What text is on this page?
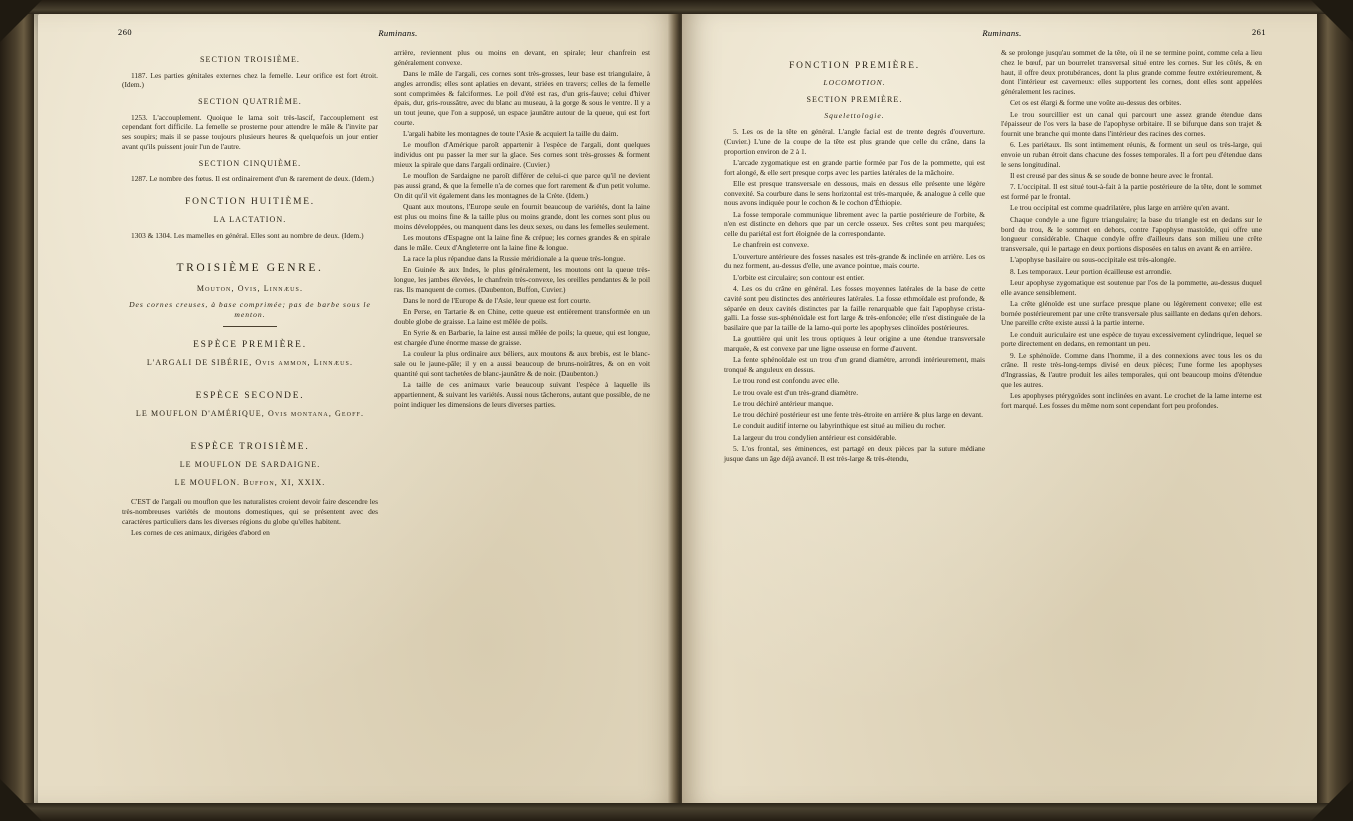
260	Ruminans.
SECTION TROISIÈME.

1187. Les parties génitales externes chez la femelle. Leur orifice est fort étroit. (Idem.)

SECTION QUATRIÈME.

1253. L'accouplement. Quoique le lama soit très-lascif, l'accouplement est cependant fort difficile. La femelle se prosterne pour attendre le mâle & l'invite par ses soupirs; mais il se passe toujours plusieurs heures & quelquefois un jour entier avant qu'ils puissent jouir l'un de l'autre.

SECTION CINQUIÈME.

1287. Le nombre des fœtus. Il est ordinairement d'un & rarement de deux. (Idem.)

FONCTION HUITIÈME.
LA LACTATION.

1303 & 1304. Les mamelles en général. Elles sont au nombre de deux. (Idem.)

TROISIÈME GENRE.
Mouton, Ovis, Linnæus.
Des cornes creuses, à base comprimée; pas de barbe sous le menton.
ESPÈCE PREMIÈRE.
L'ARGALI DE SIBÉRIE, Ovis ammon, Linnæus.
ESPÈCE SECONDE.
LE MOUFLON D'AMÉRIQUE, Ovis montana, Geoff.
ESPÈCE TROISIÈME.
LE MOUFLON DE SARDAIGNE.
LE MOUFLON. Buffon, XI, XXIX.

C'EST de l'argali ou mouflon que les naturalistes croient devoir faire descendre les très-nombreuses variétés de moutons domestiques, qui se présentent avec des caractères particuliers dans les diverses régions du globe qu'elles habitent.

Les cornes de ces animaux, dirigées d'abord en

arrière, reviennent plus ou moins en devant, en spirale; leur chanfrein est généralement convexe.

Dans le mâle de l'argali, ces cornes sont très-grosses, leur base est triangulaire, à angles arrondis; elles sont aplaties en devant, striées en travers; celles de la femelle sont comprimées & falciformes. Le poil d'été est ras, d'un gris-fauve; celui d'hiver épais, dur, gris-roussâtre, avec du blanc au museau, à la gorge & sous le ventre. Il y a un tout jeune, que l'on a supposé, un espace jaunâtre autour de la queue, qui est fort courte.

L'argali habite les montagnes de toute l'Asie & acquiert la taille du daim.

Le mouflon d'Amérique paroît appartenir à l'espèce de l'argali, dont quelques individus ont pu passer la mer sur la glace. Ses cornes sont très-grosses & forment mieux la spirale que dans l'argali ordinaire. (Cuvier.)

Le mouflon de Sardaigne ne paroît différer de celui-ci que parce qu'il ne devient pas aussi grand, & que la femelle n'a de cornes que fort rarement & d'un petit volume. On dit qu'il vit également dans les montagnes de la Crète. (Idem.)

Quant aux moutons, l'Europe seule en fournit beaucoup de variétés, dont la laine est plus ou moins fine & la taille plus ou moins grande, dont les cornes sont plus ou moins développées, ou manquent dans les deux sexes, ou dans les femelles seulement.

Les moutons d'Espagne ont la laine fine & crépue; les cornes grandes & en spirale dans le mâle. Ceux d'Angleterre ont la laine fine & longue.

La race la plus répandue dans la Russie méridionale a la queue très-longue.

En Guinée & aux Indes, le plus généralement, les moutons ont la queue très-longue, les jambes élevées, le chanfrein très-convexe, les oreilles pendantes & le poil ras. Ils manquent de cornes. (Daubenton, Buffon, Cuvier.)

Dans le nord de l'Europe & de l'Asie, leur queue est fort courte.

En Perse, en Tartarie & en Chine, cette queue est entièrement transformée en un double globe de graisse. La laine est mêlée de poils.

En Syrie & en Barbarie, la laine est aussi mêlée de poils; la queue, qui est longue, est chargée d'une énorme masse de graisse.

La couleur la plus ordinaire aux béliers, aux moutons & aux brebis, est le blanc-sale ou le jaune-pâle; il y en a aussi beaucoup de bruns-noirâtres, & on en voit quantité qui sont tachetées de blanc-jaunâtre & de noir. (Daubenton.)

La taille de ces animaux varie beaucoup suivant l'espèce à laquelle ils appartiennent, & suivant les variétés. Aussi nous tâcherons, autant que possible, de ne point indiquer les dimensions de leurs diverses parties.

261
Ruminans.
FONCTION PREMIÈRE.
LOCOMOTION.
SECTION PREMIÈRE.
Squelettologie.

5. Les os de la tête en général. L'angle facial est de trente degrés d'ouverture. (Cuvier.) L'une de la coupe de la tête est plus grande que celle du crâne, dans la proportion environ de 2 à 1.

L'arcade zygomatique est en grande partie formée par l'os de la pommette, qui est fort alongé, & elle sert presque corps avec les parties latérales de la mâchoire.

Elle est presque transversale en dessous, mais en dessus elle présente une légère convexité. Sa courbure dans le sens horizontal est très-marquée, & analogue à celle que nous avons indiquée pour le cochon & le cochon d'Éthiopie.

La fosse temporale communique librement avec la partie postérieure de l'orbite, & n'en est distincte en dehors que par un cercle osseux. Ses crêtes sont peu marquées; celle du pariétal est fort éloignée de la correspondante.

Le chanfrein est convexe.

L'ouverture antérieure des fosses nasales est très-grande & inclinée en arrière. Les os du nez forment, au-dessus d'elle, une avance pointue, mais courte.

L'orbite est circulaire; son contour est entier.

4. Les os du crâne en général. Les fosses moyennes latérales de la base de cette cavité sont peu distinctes des antérieures latérales. La fosse ethmoïdale est profonde, & séparée en deux cavités distinctes par la faille renarquable que fait l'apophyse crista-galli. La fosse sus-sphénoïdale est fort large & très-enfoncée; elle n'est distinguée de la basilaire que par la taille de la lamo-qui porte les apophyses clinoïdes postérieures.

La gouttière qui unit les trous optiques à leur origine a une étendue transversale marquée, & est convexe par une ligne osseuse en forme d'auvent.

La fente sphénoïdale est un trou d'un grand diamètre, arrondi intérieurement, mais tronqué & anguleux en dessus.

Le trou rond est confondu avec elle.

Le trou ovale est d'un très-grand diamètre.

Le trou déchiré antérieur manque.

Le trou déchiré postérieur est une fente très-étroite en arrière & plus large en devant.

Le conduit auditif interne ou labyrinthique est situé au milieu du rocher.

La largeur du trou condylien antérieur est considérable.

5. L'os frontal, ses éminences, est partagé en deux pièces par la suture médiane jusque dans un âge déjà avancé. Il est très-large & très-étendu,

& se prolonge jusqu'au sommet de la tête, où il ne se termine point, comme cela a lieu chez le bœuf, par un bourrelet transversal situé entre les cornes. Sur les côtés, & en haut, il offre deux protubérances, dont la plus grande comme feutre extérieurement, & dont l'intérieur est caverneux: elles supportent les cornes, dont elles sont appelées généralement les racines.

Cet os est élargi & forme une voûte au-dessus des orbites.

Le trou sourcillier est un canal qui parcourt une assez grande étendue dans l'épaisseur de l'os vers la base de l'apophyse orbitaire. Il se bifurque dans son trajet & fournit une branche qui monte dans l'intérieur des racines des cornes.

6. Les pariétaux. Ils sont intimement réunis, & forment un seul os très-large, qui envoie un ruban étroit dans chacune des fosses temporales. Il a fort peu d'étendue dans le sens longitudinal.

Il est creusé par des sinus & se soude de bonne heure avec le frontal.

7. L'occipital. Il est situé tout-à-fait à la partie postérieure de la tête, dont le sommet est formé par le frontal.

Le trou occipital est comme quadrilatère, plus large en arrière qu'en avant.

Chaque condyle a une figure triangulaire; la base du triangle est en dedans sur le bord du trou, & le sommet en dehors, contre l'apophyse mastoïde, qui offre une longueur considérable. Chaque condyle offre d'ailleurs dans son milieu une crête transversale, qui le partage en deux portions disposées en talus en avant & en arrière.

L'apophyse basilaire ou sous-occipitale est très-alongée.

8. Les temporaux. Leur portion écailleuse est arrondie.

Leur apophyse zygomatique est soutenue par l'os de la pommette, au-dessus duquel elle avance sensiblement.

La crête glénoïde est une surface presque plane ou légèrement convexe; elle est bornée postérieurement par une crête transversale plus saillante en dedans qu'en dehors. Une pareille crête existe aussi à la partie interne.

Le conduit auriculaire est une espèce de tuyau excessivement cylindrique, lequel se porte directement en dedans, en remontant un peu.

9. Le sphénoïde. Comme dans l'homme, il a des connexions avec tous les os du crâne. Il reste très-long-temps divisé en deux pièces; l'une forme les apophyses d'Ingrassias, & l'autre produit les ailes temporales, qui ont beaucoup moins d'étendue que les autres.

Les apophyses ptérygoïdes sont inclinées en avant. Le crochet de la lame interne est fort marqué. Les fosses du même nom sont cependant fort peu profondes.
